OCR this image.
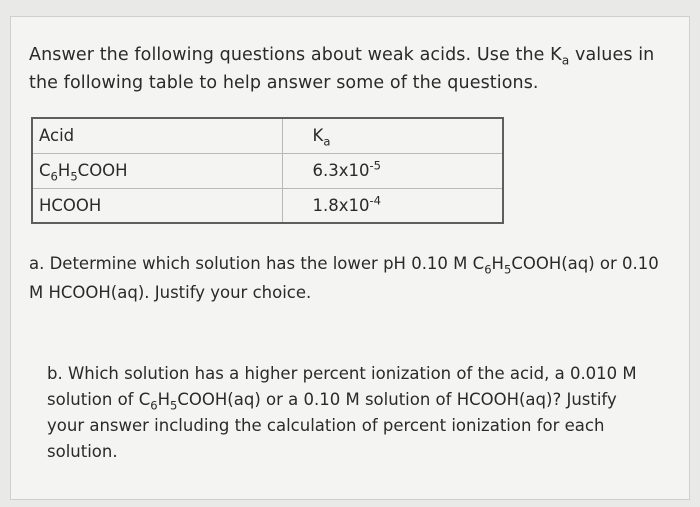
Answer the following questions about weak acids. Use the $K_a$ values in the following table to help answer some of the questions.
Acid	$K_a$
$C_6H_5COOH$	$6.3x10^{-5}$
HCOOH	$1.8x10^{-4}$
a. Determine which solution has the lower pH 0.10 M $C_6H_5COOH(aq)$ or 0.10 M HCOOH(aq). Justify your choice.
b. Which solution has a higher percent ionization of the acid, a 0.010 M solution of $C_6H_5COOH(aq)$ or a 0.10 M solution of HCOOH(aq)? Justify your answer including the calculation of percent ionization for each solution.
